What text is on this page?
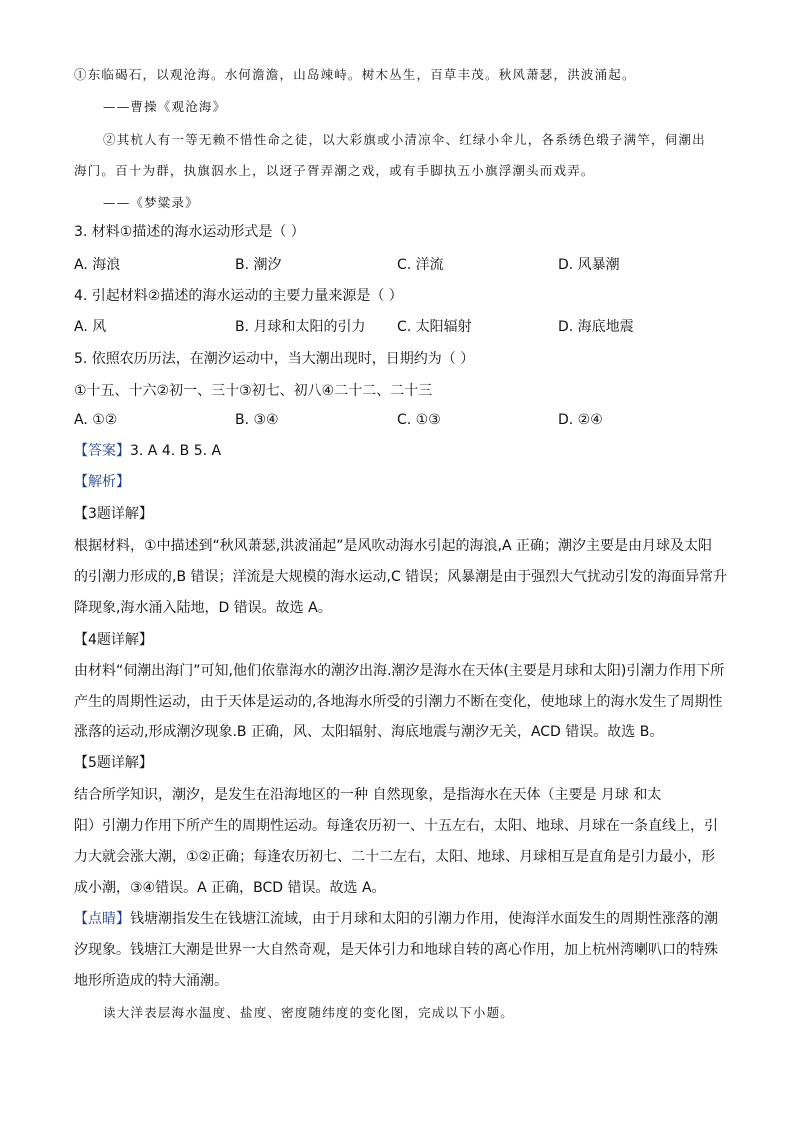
①东临碣石，以观沧海。水何澹澹，山岛竦峙。树木丛生，百草丰茂。秋风萧瑟，洪波涌起。
——曹操《观沧海》
②其杭人有一等无赖不惜性命之徒，以大彩旗或小清凉伞、红绿小伞儿，各系绣色缎子满竿，伺潮出
海门。百十为群，执旗泅水上，以迓子胥弄潮之戏，或有手脚执五小旗浮潮头而戏弄。
——《梦粱录》
3. 材料①描述的海水运动形式是（ ）
A. 海浪	B. 潮汐	C. 洋流	D. 风暴潮
4. 引起材料②描述的海水运动的主要力量来源是（ ）
A. 风	B. 月球和太阳的引力 C. 太阳辐射	D. 海底地震
5. 依照农历历法，在潮汐运动中，当大潮出现时，日期约为（ ）
①十五、十六②初一、三十③初七、初八④二十二、二十三
A. ①②	B. ③④	C. ①③	D. ②④
【答案】3. A 4. B 5. A
【解析】
【3题详解】
根据材料，①中描述到“秋风萧瑟,洪波涌起”是风吹动海水引起的海浪,A 正确；潮汐主要是由月球及太阳
的引潮力形成的,B 错误；洋流是大规模的海水运动,C 错误；风暴潮是由于强烈大气扰动引发的海面异常升
降现象,海水涌入陆地，D 错误。故选 A。
【4题详解】
由材料“伺潮出海门”可知,他们依靠海水的潮汐出海.潮汐是海水在天体(主要是月球和太阳)引潮力作用下所
产生的周期性运动，由于天体是运动的,各地海水所受的引潮力不断在变化，使地球上的海水发生了周期性
涨落的运动,形成潮汐现象.B 正确，风、太阳辐射、海底地震与潮汐无关，ACD 错误。故选 B。
【5题详解】
结合所学知识，潮汐，是发生在沿海地区的一种 自然现象，是指海水在天体（主要是 月球 和太
阳）引潮力作用下所产生的周期性运动。每逢农历初一、十五左右，太阳、地球、月球在一条直线上，引
力大就会涨大潮，①②正确；每逢农历初七、二十二左右，太阳、地球、月球相互是直角是引力最小，形
成小潮，③④错误。A 正确，BCD 错误。故选 A。
【点睛】钱塘潮指发生在钱塘江流域，由于月球和太阳的引潮力作用，使海洋水面发生的周期性涨落的潮
汐现象。钱塘江大潮是世界一大自然奇观，是天体引力和地球自转的离心作用，加上杭州湾喇叭口的特殊
地形所造成的特大涌潮。
读大洋表层海水温度、盐度、密度随纬度的变化图，完成以下小题。
